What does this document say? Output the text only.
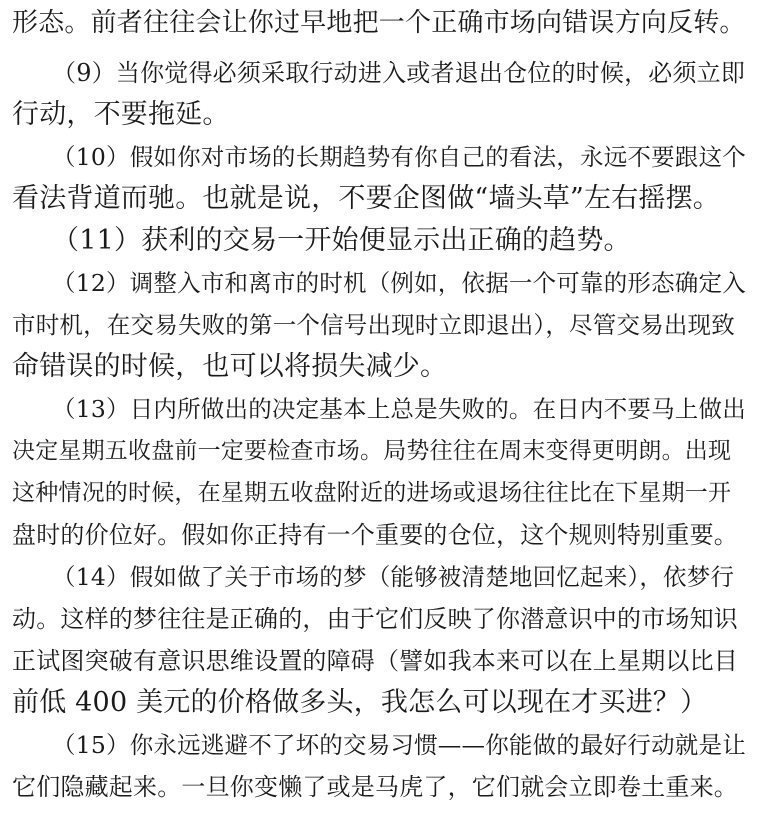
形态。前者往往会让你过早地把一个正确市场向错误方向反转。
（9）当你觉得必须采取行动进入或者退出仓位的时候，必须立即
行动，不要拖延。
（10）假如你对市场的长期趋势有你自己的看法，永远不要跟这个
看法背道而驰。也就是说，不要企图做“墙头草”左右摇摆。
（11）获利的交易一开始便显示出正确的趋势。
（12）调整入市和离市的时机（例如，依据一个可靠的形态确定入
市时机，在交易失败的第一个信号出现时立即退出），尽管交易出现致
命错误的时候，也可以将损失减少。
（13）日内所做出的决定基本上总是失败的。在日内不要马上做出
决定星期五收盘前一定要检查市场。局势往往在周末变得更明朗。出现
这种情况的时候，在星期五收盘附近的进场或退场往往比在下星期一开
盘时的价位好。假如你正持有一个重要的仓位，这个规则特别重要。
（14）假如做了关于市场的梦（能够被清楚地回忆起来），依梦行
动。这样的梦往往是正确的，由于它们反映了你潜意识中的市场知识
正试图突破有意识思维设置的障碍（譬如我本来可以在上星期以比目
前低 400 美元的价格做多头，我怎么可以现在才买进？）
（15）你永远逃避不了坏的交易习惯——你能做的最好行动就是让
它们隐藏起来。一旦你变懒了或是马虎了，它们就会立即卷土重来。
